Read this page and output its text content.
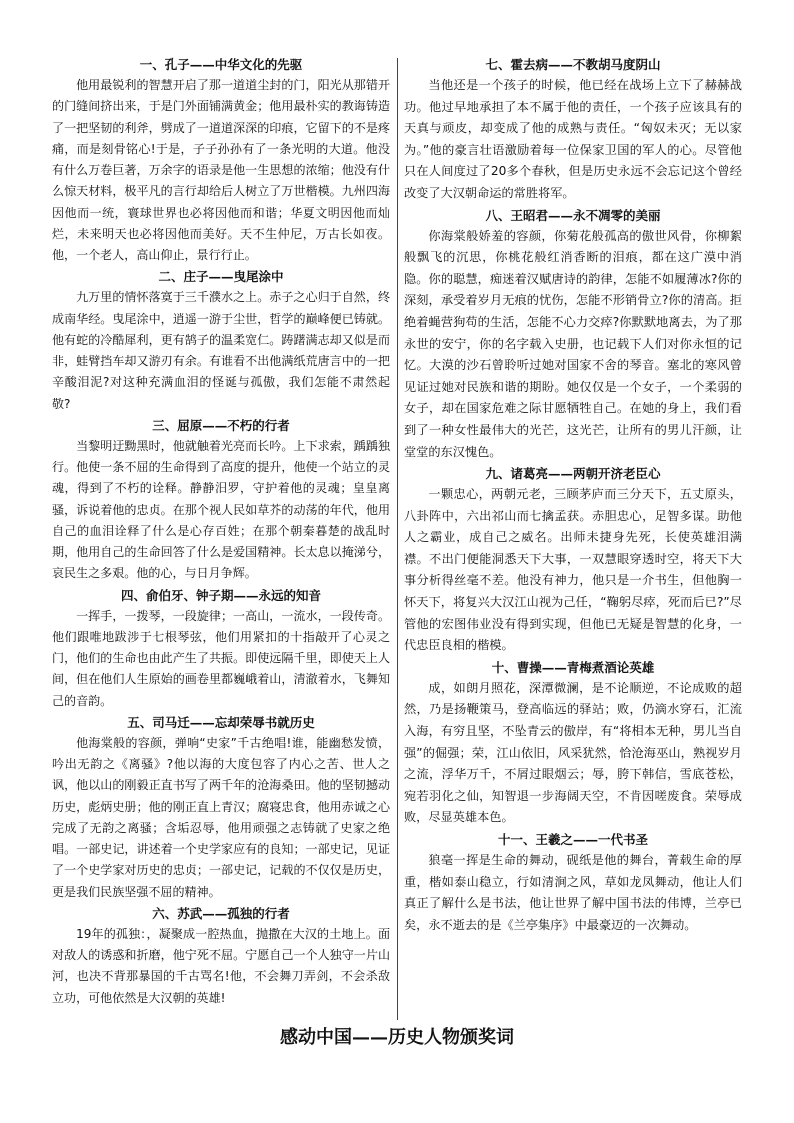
一、孔子——中华文化的先驱

他用最锐利的智慧开启了那一道道尘封的门，阳光从那错开的门缝间挤出来，于是门外面铺满黄金；他用最朴实的教诲铸造了一把坚韧的利斧，劈成了一道道深深的印痕，它留下的不是疼痛，而是刻骨铭心!于是，子子孙孙有了一条光明的大道。他没有什么万卷巨著，万余字的语录是他一生思想的浓缩；他没有什么惊天材料，极平凡的言行却给后人树立了万世楷模。九州四海因他而一统，寰球世界也必将因他而和谐；华夏文明因他而灿烂，未来明天也必将因他而美好。天不生仲尼，万古长如夜。他，一个老人，高山仰止，景行行止。

二、庄子——曳尾涂中

九万里的情怀落寞于三千濮水之上。赤子之心归于自然，终成南华经。曳尾涂中，逍遥一游于尘世，哲学的巅峰便已铸就。他有蛇的冷酷犀利，更有鹄子的温柔宽仁。踌躇满志却又似是而非，蛙臂挡车却又游刃有余。有谁看不出他满纸荒唐言中的一把辛酸泪泥?对这种充满血泪的怪诞与孤傲，我们怎能不肃然起敬?

三、屈原——不朽的行者

当黎明迂黝黑时，他就触着光亮而长吟。上下求索，踽踽独行。他使一条不屈的生命得到了高度的提升，他使一个站立的灵魂，得到了不朽的诠释。静静汨罗，守护着他的灵魂；皇皇离骚，诉说着他的忠贞。在那个视人民如草芥的动荡的年代，他用自己的血泪诠释了什么是心存百姓；在那个朝秦暮楚的战乱时期，他用自己的生命回答了什么是爱国精神。长太息以掩涕兮，哀民生之多艰。他的心，与日月争辉。

四、俞伯牙、钟子期——永远的知音

一挥手，一拨琴，一段旋律；一高山，一流水，一段传奇。他们跟唯地跋涉于七根琴弦，他们用紧扣的十指敲开了心灵之门，他们的生命也由此产生了共振。即使远隔千里，即使天上人间，但在他们人生原始的画卷里都巍峨着山，清澈着水，飞舞知己的音韵。

五、司马迁——忘却荣辱书就历史

他海棠般的容颜，弹响“史家”千古绝唱!谁，能幽愁发愤，吟出无韵之《离骚》?他以海的大度包容了内心之苦、世人之讽，他以山的刚毅正直书写了两千年的沧海桑田。他的坚韧撼动历史，彪炳史册；他的刚正直上青汉；腐寝忠食，他用赤诚之心完成了无韵之离骚；含垢忍辱，他用顽强之志铸就了史家之绝唱。一部史记，讲述着一个史学家应有的良知；一部史记，见证了一个史学家对历史的忠贞；一部史记，记载的不仅仅是历史，更是我们民族坚强不屈的精神。

六、苏武——孤独的行者

19年的孤独：，凝聚成一腔热血，抛撒在大汉的土地上。面对敌人的诱惑和折磨，他宁死不屈。宁愿自己一个人独守一片山河，也决不背那暴国的千古骂名!他，不会舞刀弄剑，不会杀敌立功，可他依然是大汉朝的英雄!

七、霍去病——不教胡马度阴山

当他还是一个孩子的时候，他已经在战场上立下了赫赫战功。他过早地承担了本不属于他的责任，一个孩子应该具有的天真与顽皮，却变成了他的成熟与责任。“匈奴未灭；无以家为。”他的豪言壮语激励着每一位保家卫国的军人的心。尽管他只在人间度过了20多个春秋，但是历史永远不会忘记这个曾经改变了大汉朝命运的常胜将军。

八、王昭君——永不凋零的美丽

你海棠般娇羞的容颜，你菊花般孤高的傲世风骨，你柳絮般飘飞的沉思，你桃花般红消香断的泪痕，都在这广漠中消隐。你的聪慧，痴迷着汉赋唐诗的韵律，怎能不如履薄冰?你的深刻，承受着岁月无痕的忧伤，怎能不形销骨立?你的清高。拒绝着蝇营狗苟的生活，怎能不心力交瘁?你默默地离去，为了那永世的安宁，你的名字载入史册，也记载下人们对你永恒的记忆。大漠的沙石曾聆听过她对国家不舍的琴音。塞北的寒风曾见证过她对民族和谐的期盼。她仅仅是一个女子，一个柔弱的女子，却在国家危难之际甘愿牺牲自己。在她的身上，我们看到了一种女性最伟大的光芒，这光芒，让所有的男儿汗颜，让堂堂的东汉愧色。

九、诸葛亮——两朝开济老臣心

一颗忠心，两朝元老，三顾茅庐而三分天下，五丈原头，八卦阵中，六出祁山而七擒孟获。赤胆忠心，足智多谋。助他人之霸业，成自己之威名。出师未捷身先死，长使英雄泪满襟。不出门便能洞悉天下大事，一双慧眼穿透时空，将天下大事分析得丝毫不差。他没有神力，他只是一介书生，但他胸一怀天下，将复兴大汉江山视为己任，“鞠躬尽瘁，死而后已?”尽管他的宏图伟业没有得到实现，但他已无疑是智慧的化身，一代忠臣良相的楷模。

十、曹操——青梅煮酒论英雄

成，如朗月照花，深潭微澜，是不论顺逆，不论成败的超然，乃是扬鞭策马，登高临远的驿站；败，仍滴水穿石，汇流入海，有穷且坚，不坠青云的傲岸，有“将相本无种，男儿当自强”的倔强；荣，江山依旧，风采犹然，恰沧海巫山，熟视岁月之流，浮华万千，不屑过眼烟云；辱，胯下韩信，雪底苍松，宛若羽化之仙，知智退一步海阔天空，不肯因嗟废食。荣辱成败，尽显英雄本色。

十一、王羲之——一代书圣

狼毫一挥是生命的舞动，砚纸是他的舞台，菁载生命的厚重，楷如泰山稳立，行如清涧之风，草如龙凤舞动，他让人们真正了解什么是书法，他让世界了解中国书法的伟博，兰亭已矣，永不逝去的是《兰亭集序》中最豪迈的一次舞动。

感动中国——历史人物颁奖词
